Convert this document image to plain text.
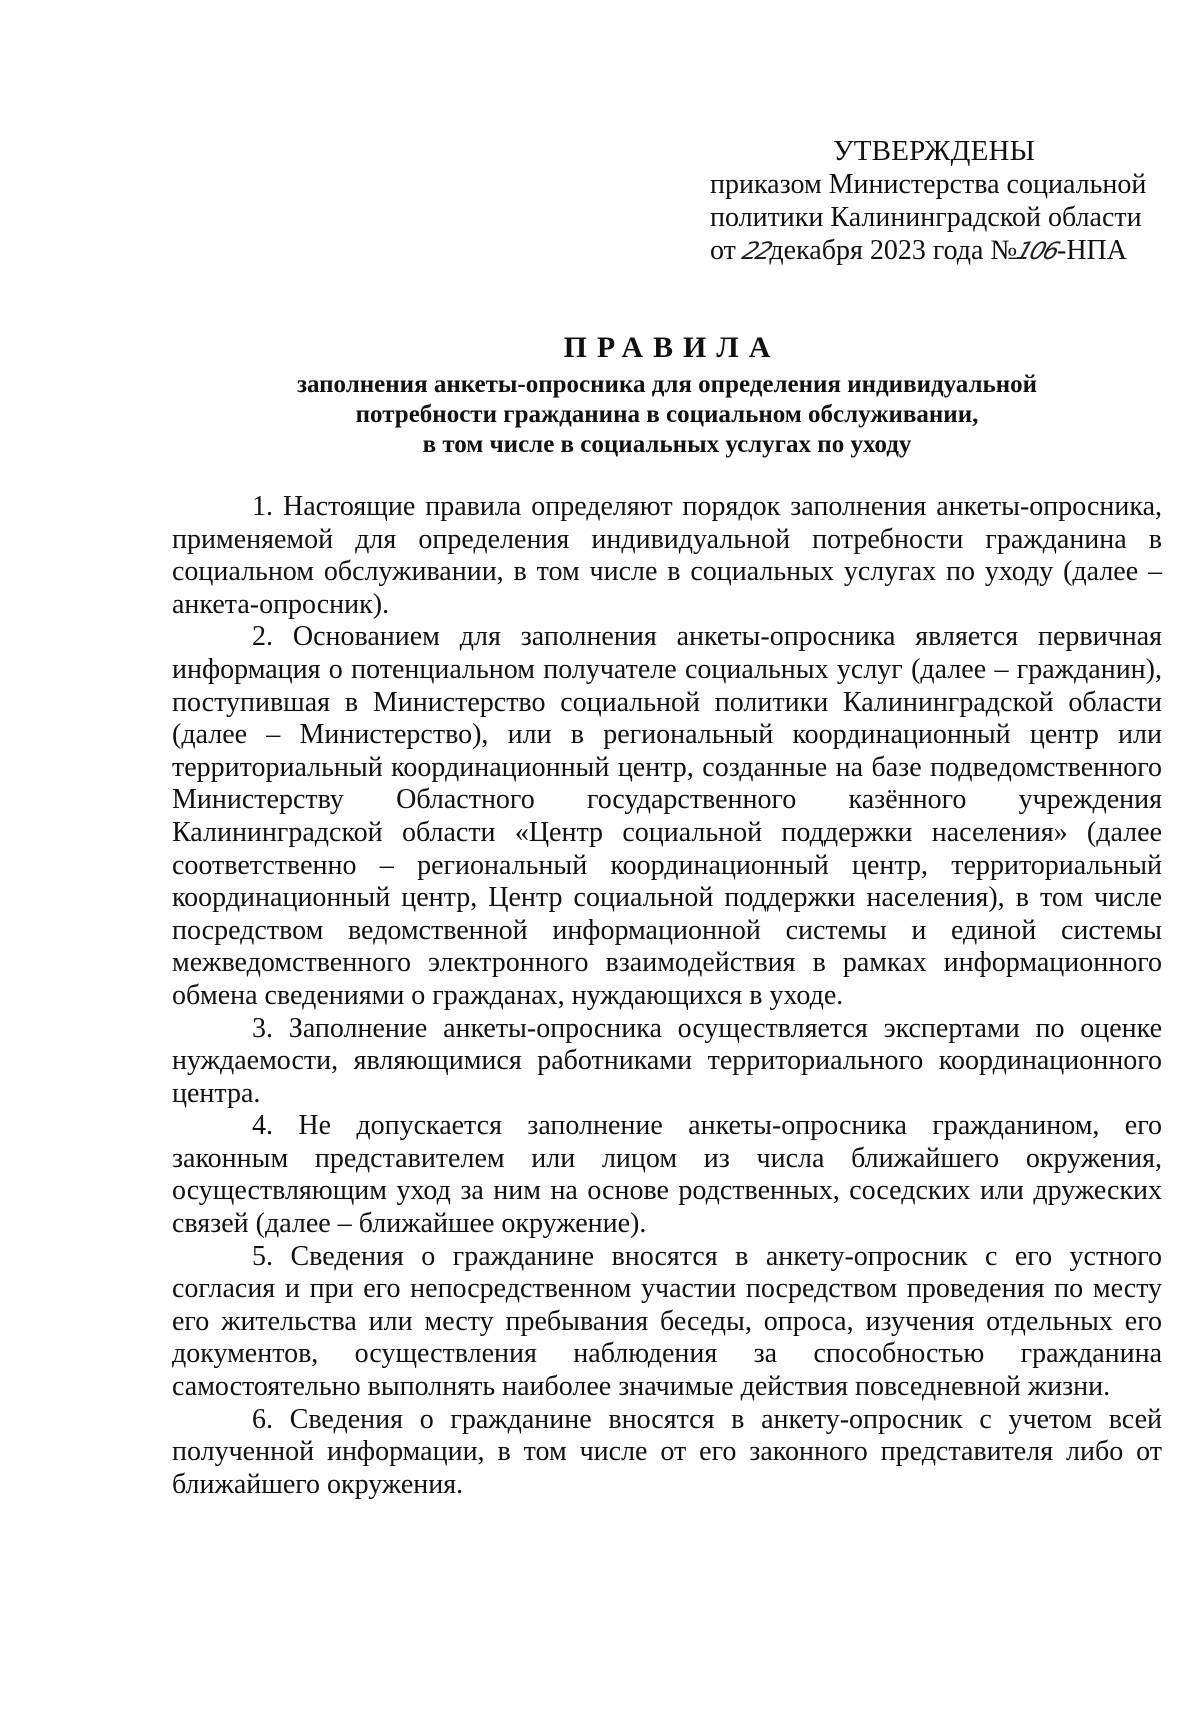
УТВЕРЖДЕНЫ
приказом Министерства социальной
политики Калининградской области
от 22декабря 2023 года №106-НПА
ПРАВИЛА
заполнения анкеты-опросника для определения индивидуальной
потребности гражданина в социальном обслуживании,
в том числе в социальных услугах по уходу

1. Настоящие правила определяют порядок заполнения анкеты-опросника, применяемой для определения индивидуальной потребности гражданина в социальном обслуживании, в том числе в социальных услугах по уходу (далее – анкета-опросник).

2. Основанием для заполнения анкеты-опросника является первичная информация о потенциальном получателе социальных услуг (далее – гражданин), поступившая в Министерство социальной политики Калининградской области (далее – Министерство), или в региональный координационный центр или территориальный координационный центр, созданные на базе подведомственного Министерству Областного государственного казённого учреждения Калининградской области «Центр социальной поддержки населения» (далее соответственно – региональный координационный центр, территориальный координационный центр, Центр социальной поддержки населения), в том числе посредством ведомственной информационной системы и единой системы межведомственного электронного взаимодействия в рамках информационного обмена сведениями о гражданах, нуждающихся в уходе.

3. Заполнение анкеты-опросника осуществляется экспертами по оценке нуждаемости, являющимися работниками территориального координационного центра.

4. Не допускается заполнение анкеты-опросника гражданином, его законным представителем или лицом из числа ближайшего окружения, осуществляющим уход за ним на основе родственных, соседских или дружеских связей (далее – ближайшее окружение).

5. Сведения о гражданине вносятся в анкету-опросник с его устного согласия и при его непосредственном участии посредством проведения по месту его жительства или месту пребывания беседы, опроса, изучения отдельных его документов, осуществления наблюдения за способностью гражданина самостоятельно выполнять наиболее значимые действия повседневной жизни.

6. Сведения о гражданине вносятся в анкету-опросник с учетом всей полученной информации, в том числе от его законного представителя либо от ближайшего окружения.
